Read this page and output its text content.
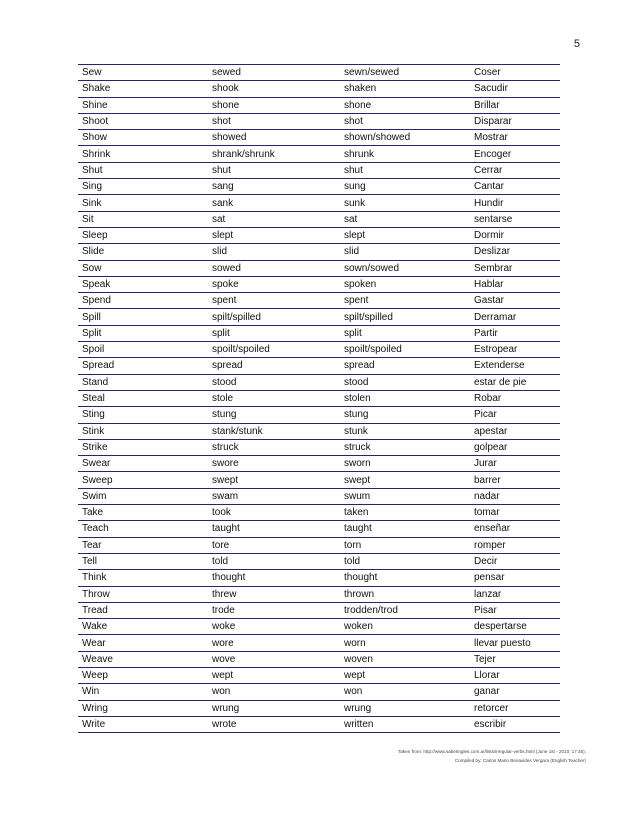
5
Sew	sewed	sewn/sewed	Coser
Shake	shook	shaken	Sacudir
Shine	shone	shone	Brillar
Shoot	shot	shot	Disparar
Show	showed	shown/showed	Mostrar
Shrink	shrank/shrunk	shrunk	Encoger
Shut	shut	shut	Cerrar
Sing	sang	sung	Cantar
Sink	sank	sunk	Hundir
Sit	sat	sat	sentarse
Sleep	slept	slept	Dormir
Slide	slid	slid	Deslizar
Sow	sowed	sown/sowed	Sembrar
Speak	spoke	spoken	Hablar
Spend	spent	spent	Gastar
Spill	spilt/spilled	spilt/spilled	Derramar
Split	split	split	Partir
Spoil	spoilt/spoiled	spoilt/spoiled	Estropear
Spread	spread	spread	Extenderse
Stand	stood	stood	estar de pie
Steal	stole	stolen	Robar
Sting	stung	stung	Picar
Stink	stank/stunk	stunk	apestar
Strike	struck	struck	golpear
Swear	swore	sworn	Jurar
Sweep	swept	swept	barrer
Swim	swam	swum	nadar
Take	took	taken	tomar
Teach	taught	taught	enseñar
Tear	tore	torn	romper
Tell	told	told	Decir
Think	thought	thought	pensar
Throw	threw	thrown	lanzar
Tread	trode	trodden/trod	Pisar
Wake	woke	woken	despertarse
Wear	wore	worn	llevar puesto
Weave	wove	woven	Tejer
Weep	wept	wept	Llorar
Win	won	won	ganar
Wring	wrung	wrung	retorcer
Write	wrote	written	escribir
Taken from: http://www.saberingles.com.ar/lists/irregular-verbs.html (June 1st - 2010; 17:45).
Compiled by: Carlos Mario Benavides Vergara (English Teacher)
